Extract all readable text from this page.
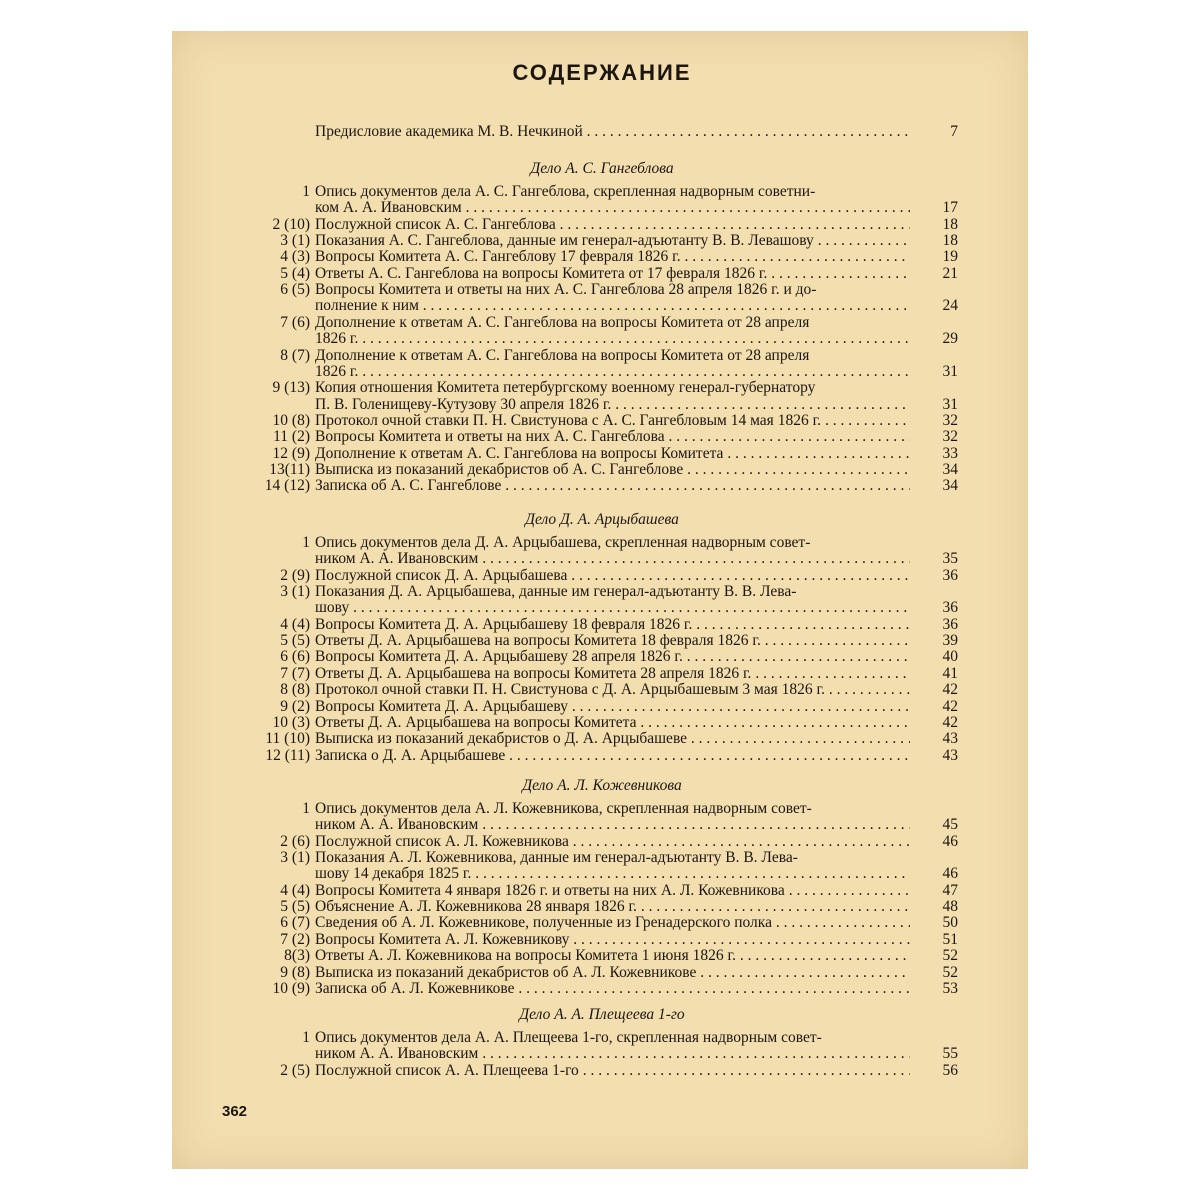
СОДЕРЖАНИЕ
Предисловие академика М. В. Нечкиной . . .	7
Дело А. С. Гангеблова
1 Опись документов дела А. С. Гангеблова, скрепленная надворным советни-
ком А. А. Ивановским . . .	17
2 (10) Послужной список А. С. Гангеблова . . .	18
3 (1) Показания А. С. Гангеблова, данные им генерал-адъютанту В. В. Левашову . . .	18
4 (3) Вопросы Комитета А. С. Гангеблову 17 февраля 1826 г. . . .	19
5 (4) Ответы А. С. Гангеблова на вопросы Комитета от 17 февраля 1826 г. . . .	21
6 (5) Вопросы Комитета и ответы на них А. С. Гангеблова 28 апреля 1826 г. и до-
полнение к ним . . .	24
7 (6) Дополнение к ответам А. С. Гангеблова на вопросы Комитета от 28 апреля
1826 г. . . .	29
8 (7) Дополнение к ответам А. С. Гангеблова на вопросы Комитета от 28 апреля
1826 г. . . .	31
9 (13) Копия отношения Комитета петербургскому военному генерал-губернатору
П. В. Голенищеву-Кутузову 30 апреля 1826 г. . . .	31
10 (8) Протокол очной ставки П. Н. Свистунова с А. С. Гангебловым 14 мая 1826 г. . . .	32
11 (2) Вопросы Комитета и ответы на них А. С. Гангеблова . . .	32
12 (9) Дополнение к ответам А. С. Гангеблова на вопросы Комитета . . .	33
13(11) Выписка из показаний декабристов об А. С. Гангеблове . . .	34
14 (12) Записка об А. С. Гангеблове . . .	34
Дело Д. А. Арцыбашева
1 Опись документов дела Д. А. Арцыбашева, скрепленная надворным совет-
ником А. А. Ивановским . . .	35
2 (9) Послужной список Д. А. Арцыбашева . . .	36
3 (1) Показания Д. А. Арцыбашева, данные им генерал-адъютанту В. В. Лева-
шову . . .	36
4 (4) Вопросы Комитета Д. А. Арцыбашеву 18 февраля 1826 г. . . .	36
5 (5) Ответы Д. А. Арцыбашева на вопросы Комитета 18 февраля 1826 г. . . .	39
6 (6) Вопросы Комитета Д. А. Арцыбашеву 28 апреля 1826 г. . . .	40
7 (7) Ответы Д. А. Арцыбашева на вопросы Комитета 28 апреля 1826 г. . . .	41
8 (8) Протокол очной ставки П. Н. Свистунова с Д. А. Арцыбашевым 3 мая 1826 г. . . .	42
9 (2) Вопросы Комитета Д. А. Арцыбашеву . . .	42
10 (3) Ответы Д. А. Арцыбашева на вопросы Комитета . . .	42
11 (10) Выписка из показаний декабристов о Д. А. Арцыбашеве . . .	43
12 (11) Записка о Д. А. Арцыбашеве . . .	43
Дело А. Л. Кожевникова
1 Опись документов дела А. Л. Кожевникова, скрепленная надворным совет-
ником А. А. Ивановским . . .	45
2 (6) Послужной список А. Л. Кожевникова . . .	46
3 (1) Показания А. Л. Кожевникова, данные им генерал-адъютанту В. В. Лева-
шову 14 декабря 1825 г. . . .	46
4 (4) Вопросы Комитета 4 января 1826 г. и ответы на них А. Л. Кожевникова . . .	47
5 (5) Объяснение А. Л. Кожевникова 28 января 1826 г. . . .	48
6 (7) Сведения об А. Л. Кожевникове, полученные из Гренадерского полка . . .	50
7 (2) Вопросы Комитета А. Л. Кожевникову . . .	51
8(3) Ответы А. Л. Кожевникова на вопросы Комитета 1 июня 1826 г. . . .	52
9 (8) Выписка из показаний декабристов об А. Л. Кожевникове . . .	52
10 (9) Записка об А. Л. Кожевникове . . .	53
Дело А. А. Плещеева 1-го
1 Опись документов дела А. А. Плещеева 1-го, скрепленная надворным совет-
ником А. А. Ивановским . . .	55
2 (5) Послужной список А. А. Плещеева 1-го . . .	56
362
